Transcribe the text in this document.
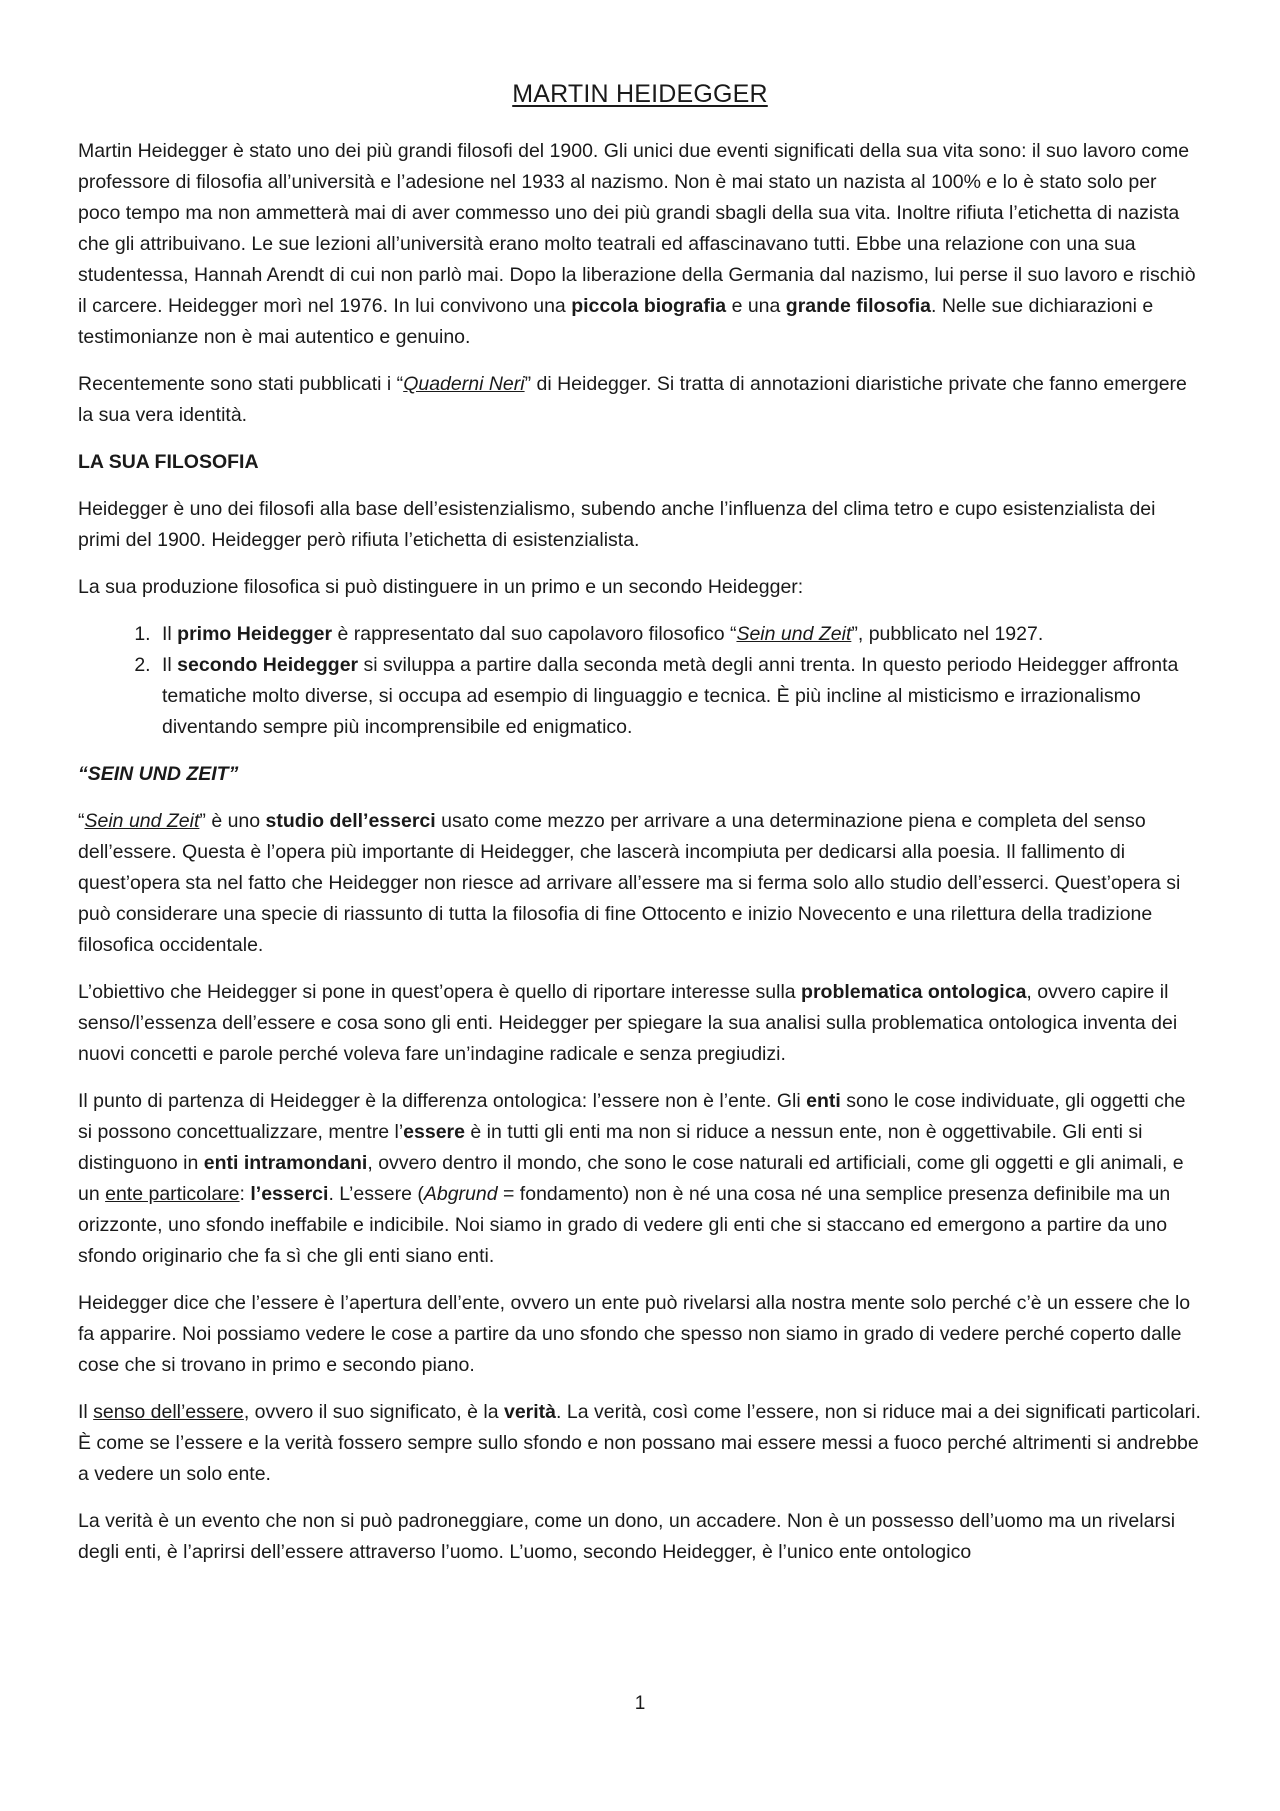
MARTIN HEIDEGGER

Martin Heidegger è stato uno dei più grandi filosofi del 1900. Gli unici due eventi significati della sua vita sono: il suo lavoro come professore di filosofia all’università e l’adesione nel 1933 al nazismo. Non è mai stato un nazista al 100% e lo è stato solo per poco tempo ma non ammetterà mai di aver commesso uno dei più grandi sbagli della sua vita. Inoltre rifiuta l’etichetta di nazista che gli attribuivano. Le sue lezioni all’università erano molto teatrali ed affascinavano tutti. Ebbe una relazione con una sua studentessa, Hannah Arendt di cui non parlò mai. Dopo la liberazione della Germania dal nazismo, lui perse il suo lavoro e rischiò il carcere. Heidegger morì nel 1976. In lui convivono una piccola biografia e una grande filosofia. Nelle sue dichiarazioni e testimonianze non è mai autentico e genuino.

Recentemente sono stati pubblicati i “Quaderni Neri” di Heidegger. Si tratta di annotazioni diaristiche private che fanno emergere la sua vera identità.

LA SUA FILOSOFIA

Heidegger è uno dei filosofi alla base dell’esistenzialismo, subendo anche l’influenza del clima tetro e cupo esistenzialista dei primi del 1900. Heidegger però rifiuta l’etichetta di esistenzialista.

La sua produzione filosofica si può distinguere in un primo e un secondo Heidegger:

1. Il primo Heidegger è rappresentato dal suo capolavoro filosofico “Sein und Zeit”, pubblicato nel 1927.
2. Il secondo Heidegger si sviluppa a partire dalla seconda metà degli anni trenta. In questo periodo Heidegger affronta tematiche molto diverse, si occupa ad esempio di linguaggio e tecnica. È più incline al misticismo e irrazionalismo diventando sempre più incomprensibile ed enigmatico.
“SEIN UND ZEIT”

“Sein und Zeit” è uno studio dell’esserci usato come mezzo per arrivare a una determinazione piena e completa del senso dell’essere. Questa è l’opera più importante di Heidegger, che lascerà incompiuta per dedicarsi alla poesia. Il fallimento di quest’opera sta nel fatto che Heidegger non riesce ad arrivare all’essere ma si ferma solo allo studio dell’esserci. Quest’opera si può considerare una specie di riassunto di tutta la filosofia di fine Ottocento e inizio Novecento e una rilettura della tradizione filosofica occidentale.

L’obiettivo che Heidegger si pone in quest’opera è quello di riportare interesse sulla problematica ontologica, ovvero capire il senso/l’essenza dell’essere e cosa sono gli enti. Heidegger per spiegare la sua analisi sulla problematica ontologica inventa dei nuovi concetti e parole perché voleva fare un’indagine radicale e senza pregiudizi.

Il punto di partenza di Heidegger è la differenza ontologica: l’essere non è l’ente. Gli enti sono le cose individuate, gli oggetti che si possono concettualizzare, mentre l’essere è in tutti gli enti ma non si riduce a nessun ente, non è oggettivabile. Gli enti si distinguono in enti intramondani, ovvero dentro il mondo, che sono le cose naturali ed artificiali, come gli oggetti e gli animali, e un ente particolare: l’esserci. L’essere (Abgrund = fondamento) non è né una cosa né una semplice presenza definibile ma un orizzonte, uno sfondo ineffabile e indicibile. Noi siamo in grado di vedere gli enti che si staccano ed emergono a partire da uno sfondo originario che fa sì che gli enti siano enti.

Heidegger dice che l’essere è l’apertura dell’ente, ovvero un ente può rivelarsi alla nostra mente solo perché c’è un essere che lo fa apparire. Noi possiamo vedere le cose a partire da uno sfondo che spesso non siamo in grado di vedere perché coperto dalle cose che si trovano in primo e secondo piano.

Il senso dell’essere, ovvero il suo significato, è la verità. La verità, così come l’essere, non si riduce mai a dei significati particolari. È come se l’essere e la verità fossero sempre sullo sfondo e non possano mai essere messi a fuoco perché altrimenti si andrebbe a vedere un solo ente.

La verità è un evento che non si può padroneggiare, come un dono, un accadere. Non è un possesso dell’uomo ma un rivelarsi degli enti, è l’aprirsi dell’essere attraverso l’uomo. L’uomo, secondo Heidegger, è l’unico ente ontologico

1
